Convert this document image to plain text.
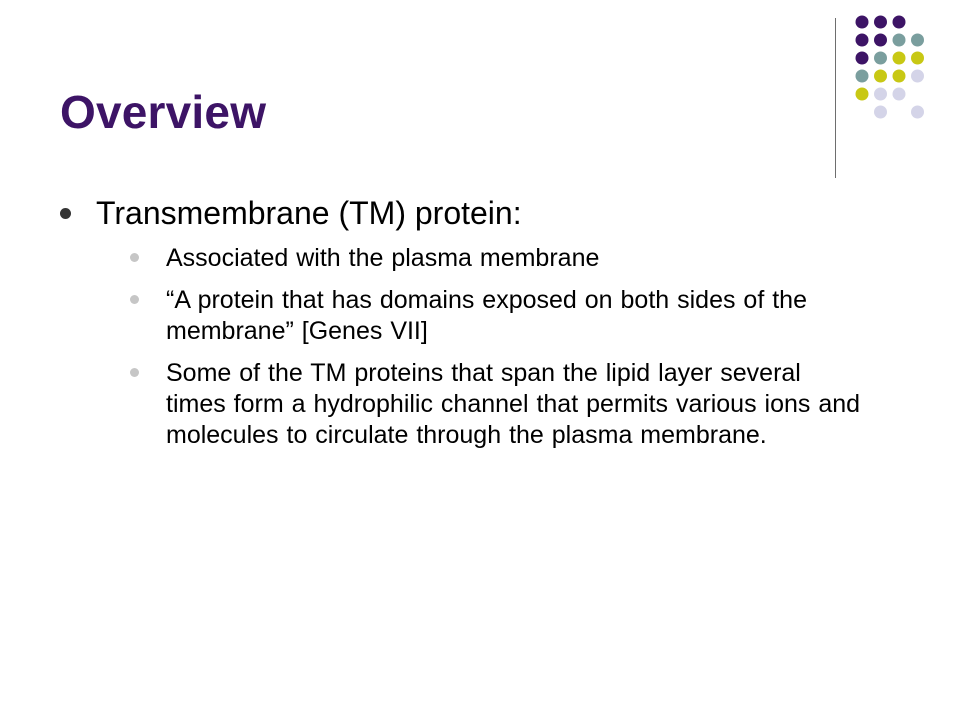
Overview
Transmembrane (TM) protein:
Associated with the plasma membrane
“A protein that has domains exposed on both sides of the membrane” [Genes VII]
Some of the TM proteins that span the lipid layer several times form a hydrophilic channel that permits various ions and molecules to circulate through the plasma membrane.
